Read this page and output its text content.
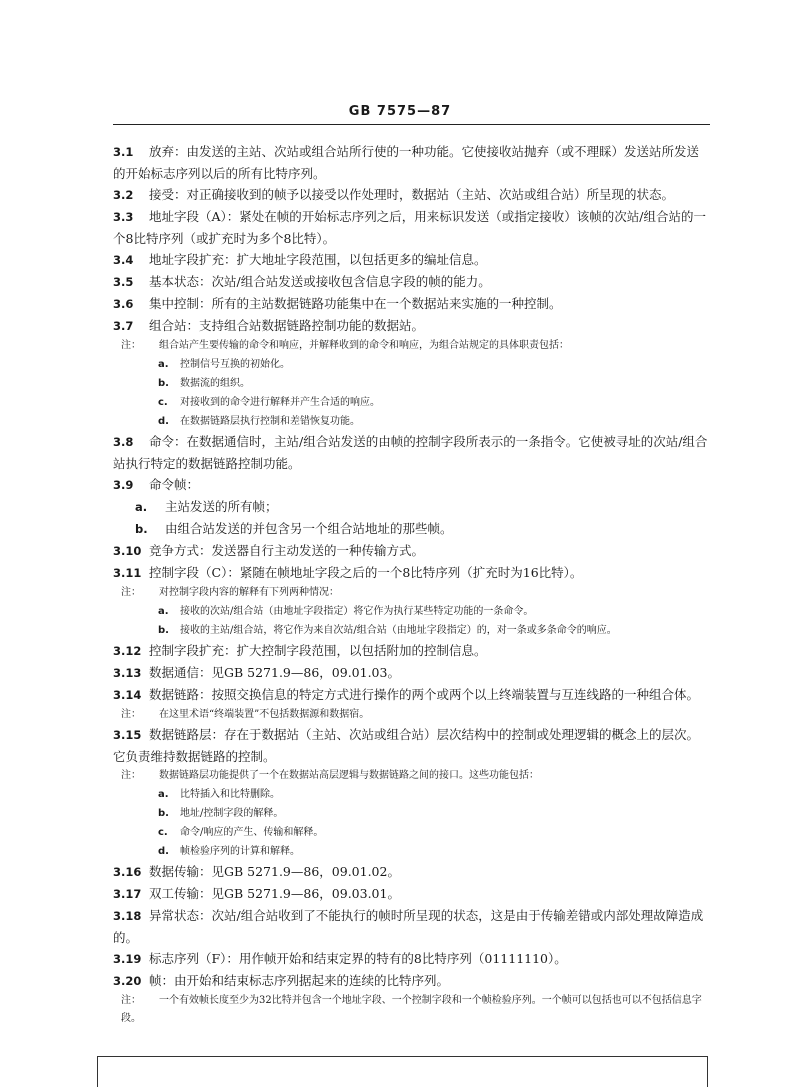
GB 7575—87

3.1 放弃：由发送的主站、次站或组合站所行使的一种功能。它使接收站抛弃（或不理睬）发送站所发送的开始标志序列以后的所有比特序列。

3.2 接受：对正确接收到的帧予以接受以作处理时，数据站（主站、次站或组合站）所呈现的状态。

3.3 地址字段（A）：紧处在帧的开始标志序列之后，用来标识发送（或指定接收）该帧的次站/组合站的一个8比特序列（或扩充时为多个8比特）。

3.4 地址字段扩充：扩大地址字段范围，以包括更多的编址信息。

3.5 基本状态：次站/组合站发送或接收包含信息字段的帧的能力。

3.6 集中控制：所有的主站数据链路功能集中在一个数据站来实施的一种控制。

3.7 组合站：支持组合站数据链路控制功能的数据站。

注： 组合站产生要传输的命令和响应，并解释收到的命令和响应，为组合站规定的具体职责包括：

a. 控制信号互换的初始化。

b. 数据流的组织。

c. 对接收到的命令进行解释并产生合适的响应。

d. 在数据链路层执行控制和差错恢复功能。

3.8 命令：在数据通信时，主站/组合站发送的由帧的控制字段所表示的一条指令。它使被寻址的次站/组合站执行特定的数据链路控制功能。

3.9 命令帧：

a. 主站发送的所有帧；

b. 由组合站发送的并包含另一个组合站地址的那些帧。

3.10 竞争方式：发送器自行主动发送的一种传输方式。

3.11 控制字段（C）：紧随在帧地址字段之后的一个8比特序列（扩充时为16比特）。

注： 对控制字段内容的解释有下列两种情况：

a. 接收的次站/组合站（由地址字段指定）将它作为执行某些特定功能的一条命令。

b. 接收的主站/组合站，将它作为来自次站/组合站（由地址字段指定）的，对一条或多条命令的响应。

3.12 控制字段扩充：扩大控制字段范围，以包括附加的控制信息。

3.13 数据通信：见GB 5271.9—86，09.01.03。

3.14 数据链路：按照交换信息的特定方式进行操作的两个或两个以上终端装置与互连线路的一种组合体。

注： 在这里术语“终端装置”不包括数据源和数据宿。

3.15 数据链路层：存在于数据站（主站、次站或组合站）层次结构中的控制或处理逻辑的概念上的层次。它负责维持数据链路的控制。

注： 数据链路层功能提供了一个在数据站高层逻辑与数据链路之间的接口。这些功能包括：

a. 比特插入和比特删除。

b. 地址/控制字段的解释。

c. 命令/响应的产生、传输和解释。

d. 帧检验序列的计算和解释。

3.16 数据传输：见GB 5271.9—86，09.01.02。

3.17 双工传输：见GB 5271.9—86，09.03.01。

3.18 异常状态：次站/组合站收到了不能执行的帧时所呈现的状态，这是由于传输差错或内部处理故障造成的。

3.19 标志序列（F）：用作帧开始和结束定界的特有的8比特序列（01111110）。

3.20 帧：由开始和结束标志序列据起来的连续的比特序列。

注： 一个有效帧长度至少为32比特并包含一个地址字段、一个控制字段和一个帧检验序列。一个帧可以包括也可以不包括信息字段。
